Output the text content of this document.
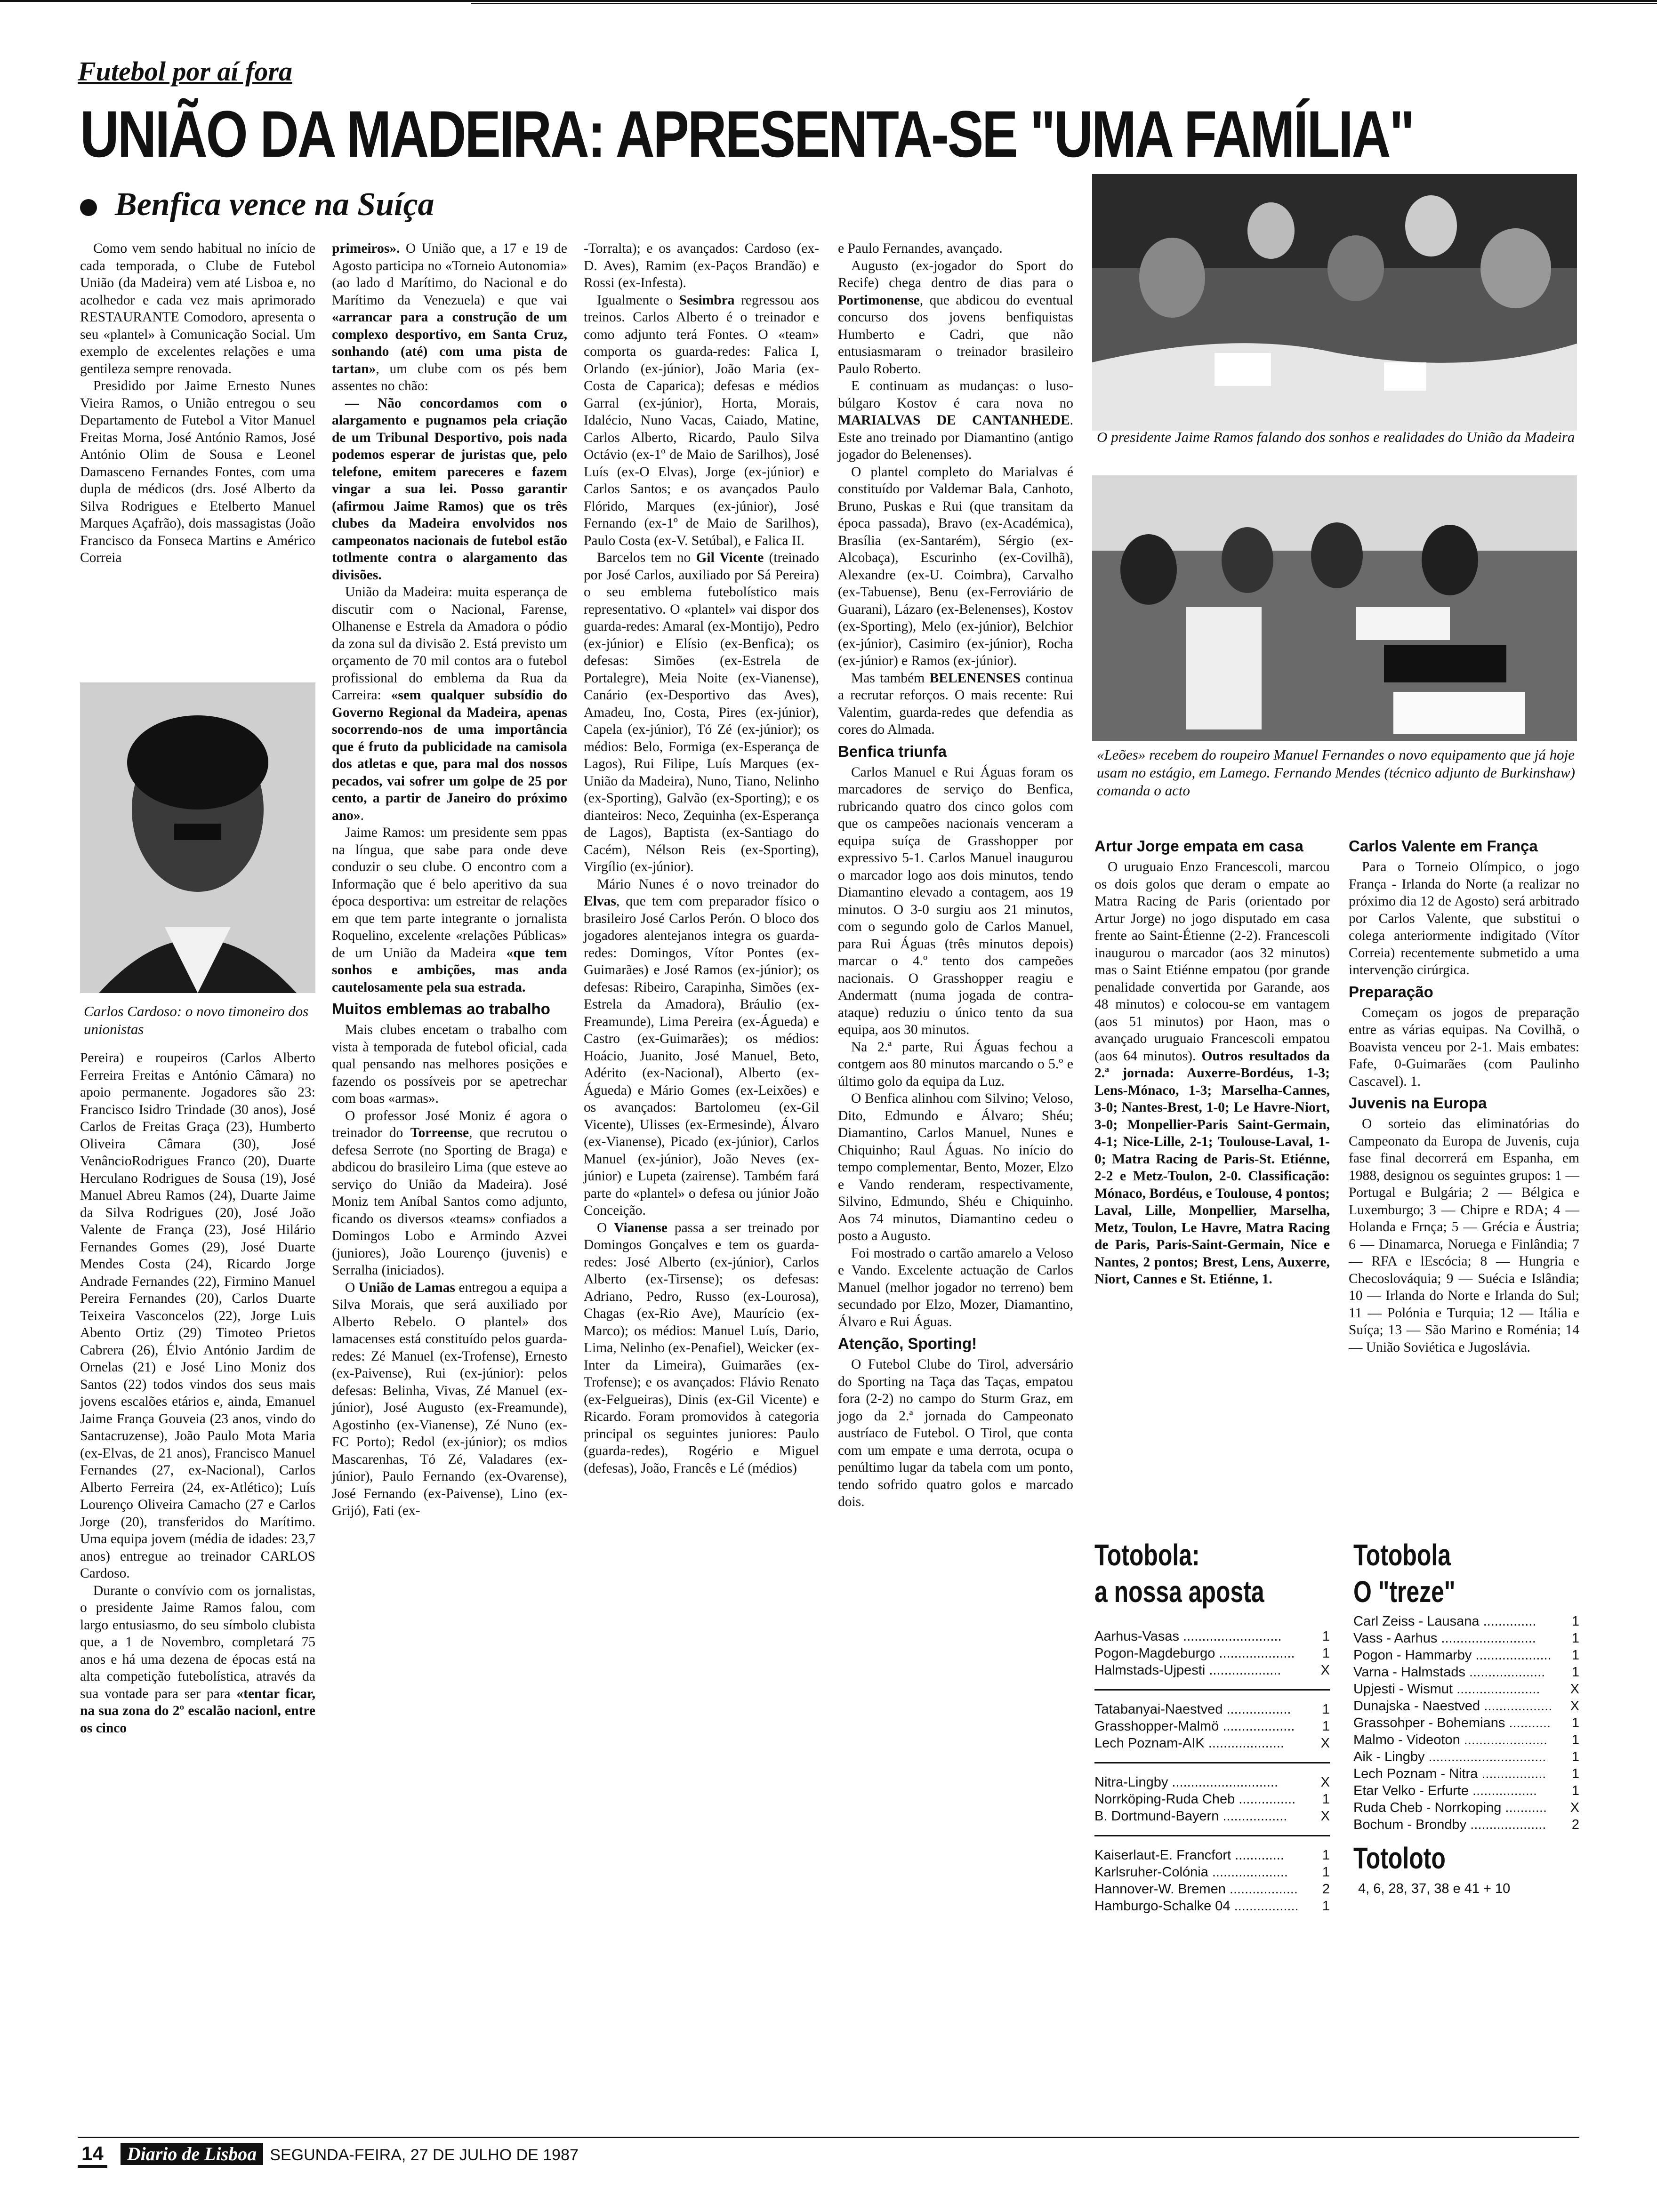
Futebol por aí fora
UNIÃO DA MADEIRA: APRESENTA-SE "UMA FAMÍLIA"
Benfica vence na Suíça

Como vem sendo habitual no início de cada temporada, o Clube de Futebol União (da Madeira) vem até Lisboa e, no acolhedor e cada vez mais aprimorado RESTAURANTE Comodoro, apresenta o seu «plantel» à Comunicação Social. Um exemplo de excelentes relações e uma gentileza sempre renovada.

Presidido por Jaime Ernesto Nunes Vieira Ramos, o União entregou o seu Departamento de Futebol a Vitor Manuel Freitas Morna, José António Ramos, José António Olim de Sousa e Leonel Damasceno Fernandes Fontes, com uma dupla de médicos (drs. José Alberto da Silva Rodrigues e Etelberto Manuel Marques Açafrão), dois massagistas (João Francisco da Fonseca Martins e Américo Correia

Carlos Cardoso: o novo timoneiro dos unionistas

Pereira) e roupeiros (Carlos Alberto Ferreira Freitas e António Câmara) no apoio permanente. Jogadores são 23: Francisco Isidro Trindade (30 anos), José Carlos de Freitas Graça (23), Humberto Oliveira Câmara (30), José VenâncioRodrigues Franco (20), Duarte Herculano Rodrigues de Sousa (19), José Manuel Abreu Ramos (24), Duarte Jaime da Silva Rodrigues (20), José João Valente de França (23), José Hilário Fernandes Gomes (29), José Duarte Mendes Costa (24), Ricardo Jorge Andrade Fernandes (22), Firmino Manuel Pereira Fernandes (20), Carlos Duarte Teixeira Vasconcelos (22), Jorge Luis Abento Ortiz (29) Timoteo Prietos Cabrera (26), Élvio António Jardim de Ornelas (21) e José Lino Moniz dos Santos (22) todos vindos dos seus mais jovens escalões etários e, ainda, Emanuel Jaime França Gouveia (23 anos, vindo do Santacruzense), João Paulo Mota Maria (ex-Elvas, de 21 anos), Francisco Manuel Fernandes (27, ex-Nacional), Carlos Alberto Ferreira (24, ex-Atlético); Luís Lourenço Oliveira Camacho (27 e Carlos Jorge (20), transferidos do Marítimo. Uma equipa jovem (média de idades: 23,7 anos) entregue ao treinador CARLOS Cardoso.

Durante o convívio com os jornalistas, o presidente Jaime Ramos falou, com largo entusiasmo, do seu símbolo clubista que, a 1 de Novembro, completará 75 anos e há uma dezena de épocas está na alta competição futebolística, através da sua vontade para ser para «tentar ficar, na sua zona do 2º escalão nacionl, entre os cinco

primeiros». O União que, a 17 e 19 de Agosto participa no «Torneio Autonomia» (ao lado d Marítimo, do Nacional e do Marítimo da Venezuela) e que vai «arrancar para a construção de um complexo desportivo, em Santa Cruz, sonhando (até) com uma pista de tartan», um clube com os pés bem assentes no chão:

— Não concordamos com o alargamento e pugnamos pela criação de um Tribunal Desportivo, pois nada podemos esperar de juristas que, pelo telefone, emitem pareceres e fazem vingar a sua lei. Posso garantir (afirmou Jaime Ramos) que os três clubes da Madeira envolvidos nos campeonatos nacionais de futebol estão totlmente contra o alargamento das divisões.

União da Madeira: muita esperança de discutir com o Nacional, Farense, Olhanense e Estrela da Amadora o pódio da zona sul da divisão 2. Está previsto um orçamento de 70 mil contos ara o futebol profissional do emblema da Rua da Carreira: «sem qualquer subsídio do Governo Regional da Madeira, apenas socorrendo-nos de uma importância que é fruto da publicidade na camisola dos atletas e que, para mal dos nossos pecados, vai sofrer um golpe de 25 por cento, a partir de Janeiro do próximo ano».

Jaime Ramos: um presidente sem ppas na língua, que sabe para onde deve conduzir o seu clube. O encontro com a Informação que é belo aperitivo da sua época desportiva: um estreitar de relações em que tem parte integrante o jornalista Roquelino, excelente «relações Públicas» de um União da Madeira «que tem sonhos e ambições, mas anda cautelosamente pela sua estrada.

Muitos emblemas ao trabalho

Mais clubes encetam o trabalho com vista à temporada de futebol oficial, cada qual pensando nas melhores posições e fazendo os possíveis por se apetrechar com boas «armas».

O professor José Moniz é agora o treinador do Torreense, que recrutou o defesa Serrote (no Sporting de Braga) e abdicou do brasileiro Lima (que esteve ao serviço do União da Madeira). José Moniz tem Aníbal Santos como adjunto, ficando os diversos «teams» confiados a Domingos Lobo e Armindo Azvei (juniores), João Lourenço (juvenis) e Serralha (iniciados).

O União de Lamas entregou a equipa a Silva Morais, que será auxiliado por Alberto Rebelo. O plantel» dos lamacenses está constituído pelos guarda-redes: Zé Manuel (ex-Trofense), Ernesto (ex-Paivense), Rui (ex-júnior): pelos defesas: Belinha, Vivas, Zé Manuel (ex-júnior), José Augusto (ex-Freamunde), Agostinho (ex-Vianense), Zé Nuno (ex-FC Porto); Redol (ex-júnior); os mdios Mascarenhas, Tó Zé, Valadares (ex-júnior), Paulo Fernando (ex-Ovarense), José Fernando (ex-Paivense), Lino (ex-Grijó), Fati (ex-

-Torralta); e os avançados: Cardoso (ex-D. Aves), Ramim (ex-Paços Brandão) e Rossi (ex-Infesta).

Igualmente o Sesimbra regressou aos treinos. Carlos Alberto é o treinador e como adjunto terá Fontes. O «team» comporta os guarda-redes: Falica I, Orlando (ex-júnior), João Maria (ex-Costa de Caparica); defesas e médios Garral (ex-júnior), Horta, Morais, Idalécio, Nuno Vacas, Caiado, Matine, Carlos Alberto, Ricardo, Paulo Silva Octávio (ex-1º de Maio de Sarilhos), José Luís (ex-O Elvas), Jorge (ex-júnior) e Carlos Santos; e os avançados Paulo Flórido, Marques (ex-júnior), José Fernando (ex-1º de Maio de Sarilhos), Paulo Costa (ex-V. Setúbal), e Falica II.

Barcelos tem no Gil Vicente (treinado por José Carlos, auxiliado por Sá Pereira) o seu emblema futebolístico mais representativo. O «plantel» vai dispor dos guarda-redes: Amaral (ex-Montijo), Pedro (ex-júnior) e Elísio (ex-Benfica); os defesas: Simões (ex-Estrela de Portalegre), Meia Noite (ex-Vianense), Canário (ex-Desportivo das Aves), Amadeu, Ino, Costa, Pires (ex-júnior), Capela (ex-júnior), Tó Zé (ex-júnior); os médios: Belo, Formiga (ex-Esperança de Lagos), Rui Filipe, Luís Marques (ex-União da Madeira), Nuno, Tiano, Nelinho (ex-Sporting), Galvão (ex-Sporting); e os dianteiros: Neco, Zequinha (ex-Esperança de Lagos), Baptista (ex-Santiago do Cacém), Nélson Reis (ex-Sporting), Virgílio (ex-júnior).

Mário Nunes é o novo treinador do Elvas, que tem com preparador físico o brasileiro José Carlos Perón. O bloco dos jogadores alentejanos integra os guarda-redes: Domingos, Vítor Pontes (ex-Guimarães) e José Ramos (ex-júnior); os defesas: Ribeiro, Carapinha, Simões (ex-Estrela da Amadora), Bráulio (ex-Freamunde), Lima Pereira (ex-Águeda) e Castro (ex-Guimarães); os médios: Hoácio, Juanito, José Manuel, Beto, Adérito (ex-Nacional), Alberto (ex-Águeda) e Mário Gomes (ex-Leixões) e os avançados: Bartolomeu (ex-Gil Vicente), Ulisses (ex-Ermesinde), Álvaro (ex-Vianense), Picado (ex-júnior), Carlos Manuel (ex-júnior), João Neves (ex-júnior) e Lupeta (zairense). Também fará parte do «plantel» o defesa ou júnior João Conceição.

O Vianense passa a ser treinado por Domingos Gonçalves e tem os guarda-redes: José Alberto (ex-júnior), Carlos Alberto (ex-Tirsense); os defesas: Adriano, Pedro, Russo (ex-Lourosa), Chagas (ex-Rio Ave), Maurício (ex-Marco); os médios: Manuel Luís, Dario, Lima, Nelinho (ex-Penafiel), Weicker (ex-Inter da Limeira), Guimarães (ex-Trofense); e os avançados: Flávio Renato (ex-Felgueiras), Dinis (ex-Gil Vicente) e Ricardo. Foram promovidos à categoria principal os seguintes juniores: Paulo (guarda-redes), Rogério e Miguel (defesas), João, Francês e Lé (médios)

e Paulo Fernandes, avançado.

Augusto (ex-jogador do Sport do Recife) chega dentro de dias para o Portimonense, que abdicou do eventual concurso dos jovens benfiquistas Humberto e Cadri, que não entusiasmaram o treinador brasileiro Paulo Roberto.

E continuam as mudanças: o luso-búlgaro Kostov é cara nova no MARIALVAS DE CANTANHEDE. Este ano treinado por Diamantino (antigo jogador do Belenenses).

O plantel completo do Marialvas é constituído por Valdemar Bala, Canhoto, Bruno, Puskas e Rui (que transitam da época passada), Bravo (ex-Académica), Brasília (ex-Santarém), Sérgio (ex-Alcobaça), Escurinho (ex-Covilhã), Alexandre (ex-U. Coimbra), Carvalho (ex-Tabuense), Benu (ex-Ferroviário de Guarani), Lázaro (ex-Belenenses), Kostov (ex-Sporting), Melo (ex-júnior), Belchior (ex-júnior), Casimiro (ex-júnior), Rocha (ex-júnior) e Ramos (ex-júnior).

Mas também BELENENSES continua a recrutar reforços. O mais recente: Rui Valentim, guarda-redes que defendia as cores do Almada.

Benfica triunfa

Carlos Manuel e Rui Águas foram os marcadores de serviço do Benfica, rubricando quatro dos cinco golos com que os campeões nacionais venceram a equipa suíça de Grasshopper por expressivo 5-1. Carlos Manuel inaugurou o marcador logo aos dois minutos, tendo Diamantino elevado a contagem, aos 19 minutos. O 3-0 surgiu aos 21 minutos, com o segundo golo de Carlos Manuel, para Rui Águas (três minutos depois) marcar o 4.º tento dos campeões nacionais. O Grasshopper reagiu e Andermatt (numa jogada de contra-ataque) reduziu o único tento da sua equipa, aos 30 minutos.

Na 2.ª parte, Rui Águas fechou a contgem aos 80 minutos marcando o 5.º e último golo da equipa da Luz.

O Benfica alinhou com Silvino; Veloso, Dito, Edmundo e Álvaro; Shéu; Diamantino, Carlos Manuel, Nunes e Chiquinho; Raul Águas. No início do tempo complementar, Bento, Mozer, Elzo e Vando renderam, respectivamente, Silvino, Edmundo, Shéu e Chiquinho. Aos 74 minutos, Diamantino cedeu o posto a Augusto.

Foi mostrado o cartão amarelo a Veloso e Vando. Excelente actuação de Carlos Manuel (melhor jogador no terreno) bem secundado por Elzo, Mozer, Diamantino, Álvaro e Rui Águas.

Atenção, Sporting!

O Futebol Clube do Tirol, adversário do Sporting na Taça das Taças, empatou fora (2-2) no campo do Sturm Graz, em jogo da 2.ª jornada do Campeonato austríaco de Futebol. O Tirol, que conta com um empate e uma derrota, ocupa o penúltimo lugar da tabela com um ponto, tendo sofrido quatro golos e marcado dois.

O presidente Jaime Ramos falando dos sonhos e realidades do União da Madeira
«Leões» recebem do roupeiro Manuel Fernandes o novo equipamento que já hoje usam no estágio, em Lamego. Fernando Mendes (técnico adjunto de Burkinshaw) comanda o acto
Artur Jorge empata em casa

O uruguaio Enzo Francescoli, marcou os dois golos que deram o empate ao Matra Racing de Paris (orientado por Artur Jorge) no jogo disputado em casa frente ao Saint-Étienne (2-2). Francescoli inaugurou o marcador (aos 32 minutos) mas o Saint Etiénne empatou (por grande penalidade convertida por Garande, aos 48 minutos) e colocou-se em vantagem (aos 51 minutos) por Haon, mas o avançado uruguaio Francescoli empatou (aos 64 minutos). Outros resultados da 2.ª jornada: Auxerre-Bordéus, 1-3; Lens-Mónaco, 1-3; Marselha-Cannes, 3-0; Nantes-Brest, 1-0; Le Havre-Niort, 3-0; Monpellier-Paris Saint-Germain, 4-1; Nice-Lille, 2-1; Toulouse-Laval, 1-0; Matra Racing de Paris-St. Etiénne, 2-2 e Metz-Toulon, 2-0. Classificação: Mónaco, Bordéus, e Toulouse, 4 pontos; Laval, Lille, Monpellier, Marselha, Metz, Toulon, Le Havre, Matra Racing de Paris, Paris-Saint-Germain, Nice e Nantes, 2 pontos; Brest, Lens, Auxerre, Niort, Cannes e St. Etiénne, 1.

Carlos Valente em França

Para o Torneio Olímpico, o jogo França - Irlanda do Norte (a realizar no próximo dia 12 de Agosto) será arbitrado por Carlos Valente, que substitui o colega anteriormente indigitado (Vítor Correia) recentemente submetido a uma intervenção cirúrgica.

Preparação

Começam os jogos de preparação entre as várias equipas. Na Covilhã, o Boavista venceu por 2-1. Mais embates: Fafe, 0-Guimarães (com Paulinho Cascavel). 1.

Juvenis na Europa

O sorteio das eliminatórias do Campeonato da Europa de Juvenis, cuja fase final decorrerá em Espanha, em 1988, designou os seguintes grupos: 1 — Portugal e Bulgária; 2 — Bélgica e Luxemburgo; 3 — Chipre e RDA; 4 — Holanda e Frnça; 5 — Grécia e Áustria; 6 — Dinamarca, Noruega e Finlândia; 7 — RFA e lEscócia; 8 — Hungria e Checoslováquia; 9 — Suécia e Islândia; 10 — Irlanda do Norte e Irlanda do Sul; 11 — Polónia e Turquia; 12 — Itália e Suíça; 13 — São Marino e Roménia; 14 — União Soviética e Jugoslávia.

Totobola:
a nossa aposta
Aarhus-Vasas ..........................	1
Pogon-Magdeburgo ....................	1
Halmstads-Ujpesti ...................	X
Tatabanyai-Naestved .................	1
Grasshopper-Malmö ...................	1
Lech Poznam-AIK ....................	X
Nitra-Lingby ............................	X
Norrköping-Ruda Cheb ...............	1
B. Dortmund-Bayern .................	X
Kaiserlaut-E. Francfort .............	1
Karlsruher-Colónia ....................	1
Hannover-W. Bremen ..................	2
Hamburgo-Schalke 04 .................	1
Totobola
O "treze"
Carl Zeiss - Lausana ..............	1
Vass - Aarhus .........................	1
Pogon - Hammarby ....................	1
Varna - Halmstads ....................	1
Upjesti - Wismut ......................	X
Dunajska - Naestved ..................	X
Grassohper - Bohemians ...........	1
Malmo - Videoton ......................	1
Aik - Lingby ...............................	1
Lech Poznam - Nitra .................	1
Etar Velko - Erfurte .................	1
Ruda Cheb - Norrkoping ...........	X
Bochum - Brondby ....................	2
Totoloto
4, 6, 28, 37, 38 e 41 + 10
14 Diario de Lisboa SEGUNDA-FEIRA, 27 DE JULHO DE 1987
